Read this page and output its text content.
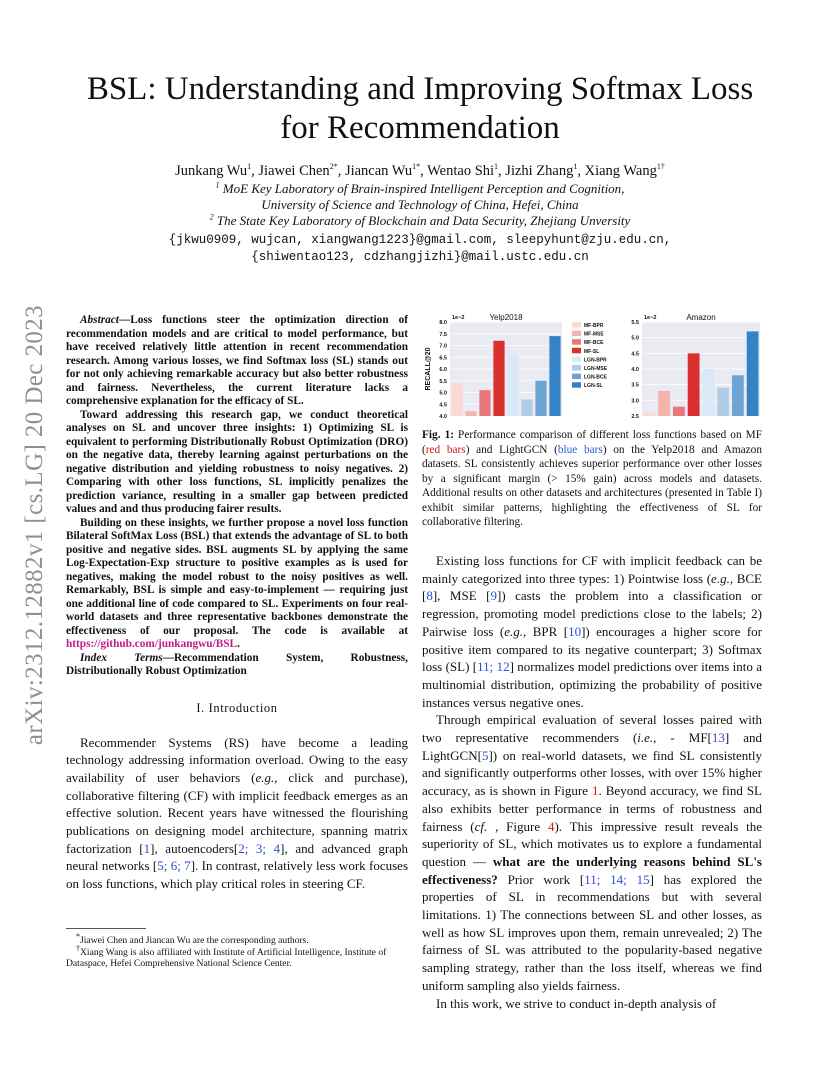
arXiv:2312.12882v1 [cs.LG] 20 Dec 2023
BSL: Understanding and Improving Softmax Loss
for Recommendation
Junkang Wu$^1$, Jiawei Chen$^{2*}$, Jiancan $Wu^{1*}$, Wentao Shi$^1$, Jizhi Zhang$^1$, Xiang Wang$^{1\dagger}$
$^1$ MoE Key Laboratory of Brain-inspired Intelligent Perception and Cognition,
University of Science and Technology of China, Hefei, China
$^2$ The State Key Laboratory of Blockchain and Data Security, Zhejiang Unversity
{jkwu0909, wujcan, xiangwang1223}@gmail.com, sleepyhunt@zju.edu.cn,
{shiwentao123, cdzhangjizhi}@mail.ustc.edu.cn

Abstract—Loss functions steer the optimization direction of recommendation models and are critical to model performance, but have received relatively little attention in recent recommendation research. Among various losses, we find Softmax loss (SL) stands out for not only achieving remarkable accuracy but also better robustness and fairness. Nevertheless, the current literature lacks a comprehensive explanation for the efficacy of SL.

Toward addressing this research gap, we conduct theoretical analyses on SL and uncover three insights: 1) Optimizing SL is equivalent to performing Distributionally Robust Optimization (DRO) on the negative data, thereby learning against perturbations on the negative distribution and yielding robustness to noisy negatives. 2) Comparing with other loss functions, SL implicitly penalizes the prediction variance, resulting in a smaller gap between predicted values and and thus producing fairer results.

Building on these insights, we further propose a novel loss function Bilateral SoftMax Loss (BSL) that extends the advantage of SL to both positive and negative sides. BSL augments SL by applying the same Log-Expectation-Exp structure to positive examples as is used for negatives, making the model robust to the noisy positives as well. Remarkably, BSL is simple and easy-to-implement — requiring just one additional line of code compared to SL. Experiments on four real-world datasets and three representative backbones demonstrate the effectiveness of our proposal. The code is available at https://github.com/junkangwu/BSL.

Index Terms—Recommendation System, Robustness, Distributionally Robust Optimization

I. Introduction

Recommender Systems (RS) have become a leading technology addressing information overload. Owing to the easy availability of user behaviors (e.g., click and purchase), collaborative filtering (CF) with implicit feedback emerges as an effective solution. Recent years have witnessed the flourishing publications on designing model architecture, spanning matrix factorization [1], autoencoders[2; 3; 4], and advanced graph neural networks [5; 6; 7]. In contrast, relatively less work focuses on loss functions, which play critical roles in steering CF.

*Jiawei Chen and Jiancan Wu are the corresponding authors.

†Xiang Wang is also affiliated with Institute of Artificial Intelligence, Institute of Dataspace, Hefei Comprehensive National Science Center.

4.0
4.5
5.0
5.5
6.0
6.5
7.0
7.5
8.0
1e−2	Yelp2018
RECALL@20
2.5
3.0
3.5
4.0
4.5
5.0
5.5
1e−2	Amazon
MF-BPR
MF-MSE
MF-BCE
MF-SL
LGN-BPR
LGN-MSE
LGN-BCE
LGN-SL
Fig. 1: Performance comparison of different loss functions based on MF (red bars) and LightGCN (blue bars) on the Yelp2018 and Amazon datasets. SL consistently achieves superior performance over other losses by a significant margin (> 15% gain) across models and datasets. Additional results on other datasets and architectures (presented in Table I) exhibit similar patterns, highlighting the effectiveness of SL for collaborative filtering.

Existing loss functions for CF with implicit feedback can be mainly categorized into three types: 1) Pointwise loss (e.g., BCE [8], MSE [9]) casts the problem into a classification or regression, promoting model predictions close to the labels; 2) Pairwise loss (e.g., BPR [10]) encourages a higher score for positive item compared to its negative counterpart; 3) Softmax loss (SL) [11; 12] normalizes model predictions over items into a multinomial distribution, optimizing the probability of positive instances versus negative ones.

Through empirical evaluation of several losses paired with two representative recommenders (i.e., - MF[13] and LightGCN[5]) on real-world datasets, we find SL consistently and significantly outperforms other losses, with over 15% higher accuracy, as is shown in Figure 1. Beyond accuracy, we find SL also exhibits better performance in terms of robustness and fairness (cf. , Figure 4). This impressive result reveals the superiority of SL, which motivates us to explore a fundamental question — what are the underlying reasons behind SL's effectiveness? Prior work [11; 14; 15] has explored the properties of SL in recommendations but with several limitations. 1) The connections between SL and other losses, as well as how SL improves upon them, remain unrevealed; 2) The fairness of SL was attributed to the popularity-based negative sampling strategy, rather than the loss itself, whereas we find uniform sampling also yields fairness.

In this work, we strive to conduct in-depth analysis of
